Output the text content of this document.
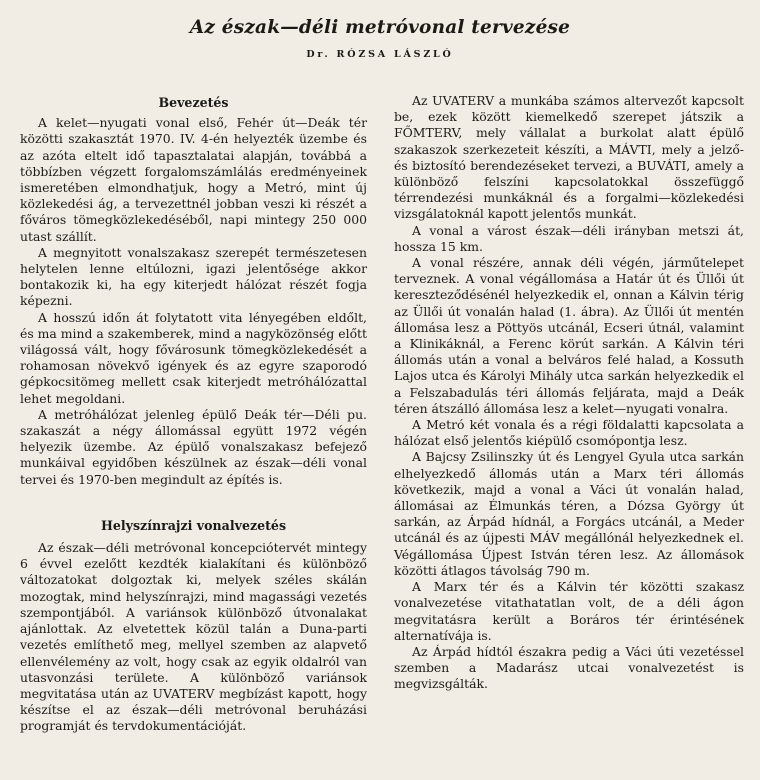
Az észak—déli metróvonal tervezése
Dr. RÓZSA LÁSZLÓ
Bevezetés

A kelet—nyugati vonal első, Fehér út—Deák tér közötti szakasztát 1970. IV. 4-én helyezték üzembe és az azóta eltelt idő tapasztalatai alapján, továbbá a többízben végzett forgalomszámlálás eredményeinek ismeretében elmondhatjuk, hogy a Metró, mint új közlekedési ág, a tervezettnél jobban veszi ki részét a főváros tömegközlekedéséből, napi mintegy 250 000 utast szállít.

A megnyitott vonalszakasz szerepét természetesen helytelen lenne eltúlozni, igazi jelentősége akkor bontakozik ki, ha egy kiterjedt hálózat részét fogja képezni.

A hosszú időn át folytatott vita lényegében eldőlt, és ma mind a szakemberek, mind a nagyközönség előtt világossá vált, hogy fővárosunk tömegközlekedését a rohamosan növekvő igények és az egyre szaporodó gépkocsitömeg mellett csak kiterjedt metróhálózattal lehet megoldani.

A metróhálózat jelenleg épülő Deák tér—Déli pu. szakaszát a négy állomással együtt 1972 végén helyezik üzembe. Az épülő vonalszakasz befejező munkáival egyidőben készülnek az észak—déli vonal tervei és 1970-ben megindult az építés is.

Helyszínrajzi vonalvezetés

Az észak—déli metróvonal koncepciótervét mintegy 6 évvel ezelőtt kezdték kialakítani és különböző változatokat dolgoztak ki, melyek széles skálán mozogtak, mind helyszínrajzi, mind magassági vezetés szempontjából. A variánsok különböző útvonalakat ajánlottak. Az elvetettek közül talán a Duna-parti vezetés említhető meg, mellyel szemben az alapvető ellenvélemény az volt, hogy csak az egyik oldalról van utasvonzási területe. A különböző variánsok megvitatása után az UVATERV megbízást kapott, hogy készítse el az észak—déli metróvonal beruházási programját és tervdokumentációját.

Az UVATERV a munkába számos altervezőt kapcsolt be, ezek között kiemelkedő szerepet játszik a FŐMTERV, mely vállalat a burkolat alatt épülő szakaszok szerkezeteit készíti, a MÁVTI, mely a jelző- és biztosító berendezéseket tervezi, a BUVÁTI, amely a különböző felszíni kapcsolatokkal összefüggő térrendezési munkáknál és a forgalmi—közlekedési vizsgálatoknál kapott jelentős munkát.

A vonal a várost észak—déli irányban metszi át, hossza 15 km.

A vonal részére, annak déli végén, járműtelepet terveznek. A vonal végállomása a Határ út és Üllői út kereszteződésénél helyezkedik el, onnan a Kálvin térig az Üllői út vonalán halad (1. ábra). Az Üllői út mentén állomása lesz a Pöttyös utcánál, Ecseri útnál, valamint a Klinikáknál, a Ferenc körút sarkán. A Kálvin téri állomás után a vonal a belváros felé halad, a Kossuth Lajos utca és Károlyi Mihály utca sarkán helyezkedik el a Felszabadulás téri állomás feljárata, majd a Deák téren átszálló állomása lesz a kelet—nyugati vonalra.

A Metró két vonala és a régi földalatti kapcsolata a hálózat első jelentős kiépülő csomópontja lesz.

A Bajcsy Zsilinszky út és Lengyel Gyula utca sarkán elhelyezkedő állomás után a Marx téri állomás következik, majd a vonal a Váci út vonalán halad, állomásai az Élmunkás téren, a Dózsa György út sarkán, az Árpád hídnál, a Forgács utcánál, a Meder utcánál és az újpesti MÁV megállónál helyezkednek el. Végállomása Újpest István téren lesz. Az állomások közötti átlagos távolság 790 m.

A Marx tér és a Kálvin tér közötti szakasz vonalvezetése vitathatatlan volt, de a déli ágon megvitatásra került a Boráros tér érintésének alternatívája is.

Az Árpád hídtól északra pedig a Váci úti vezetéssel szemben a Madarász utcai vonalvezetést is megvizsgálták.
